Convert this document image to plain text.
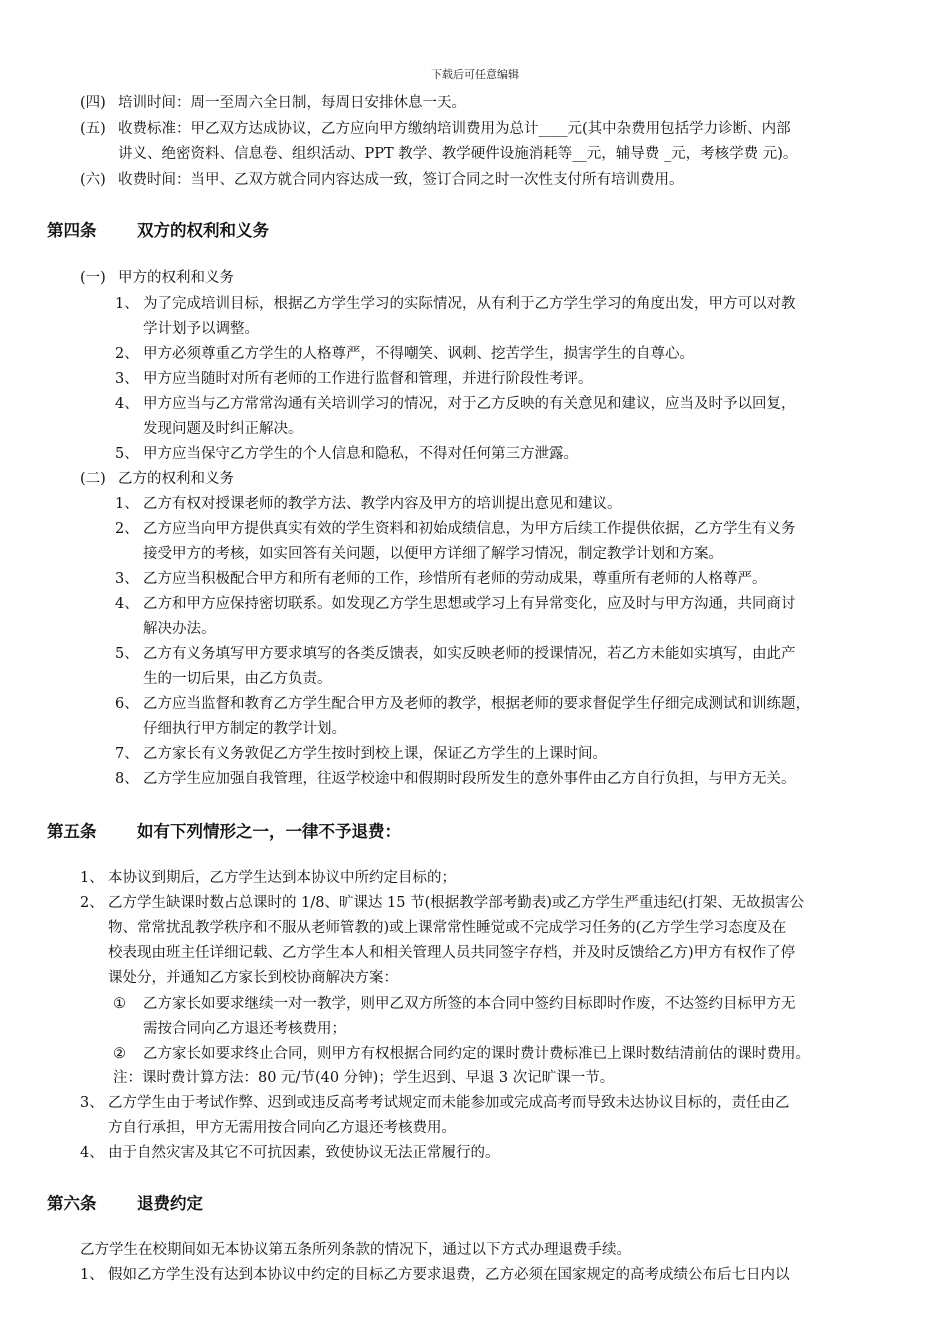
下载后可任意编辑
(四) 培训时间：周一至周六全日制，每周日安排休息一天。
(五) 收费标准：甲乙双方达成协议，乙方应向甲方缴纳培训费用为总计____元(其中杂费用包括学力诊断、内部
讲义、绝密资料、信息卷、组织活动、PPT 教学、教学硬件设施消耗等__元，辅导费 _元，考核学费 元)。
(六) 收费时间：当甲、乙双方就合同内容达成一致，签订合同之时一次性支付所有培训费用。
第四条 双方的权利和义务
(一) 甲方的权利和义务
1、 为了完成培训目标，根据乙方学生学习的实际情况，从有利于乙方学生学习的角度出发，甲方可以对教
学计划予以调整。
2、 甲方必须尊重乙方学生的人格尊严，不得嘲笑、讽刺、挖苦学生，损害学生的自尊心。
3、 甲方应当随时对所有老师的工作进行监督和管理，并进行阶段性考评。
4、 甲方应当与乙方常常沟通有关培训学习的情况，对于乙方反映的有关意见和建议，应当及时予以回复，
发现问题及时纠正解决。
5、 甲方应当保守乙方学生的个人信息和隐私，不得对任何第三方泄露。
(二) 乙方的权利和义务
1、 乙方有权对授课老师的教学方法、教学内容及甲方的培训提出意见和建议。
2、 乙方应当向甲方提供真实有效的学生资料和初始成绩信息，为甲方后续工作提供依据，乙方学生有义务
接受甲方的考核，如实回答有关问题，以便甲方详细了解学习情况，制定教学计划和方案。
3、 乙方应当积极配合甲方和所有老师的工作，珍惜所有老师的劳动成果，尊重所有老师的人格尊严。
4、 乙方和甲方应保持密切联系。如发现乙方学生思想或学习上有异常变化，应及时与甲方沟通，共同商讨
解决办法。
5、 乙方有义务填写甲方要求填写的各类反馈表，如实反映老师的授课情况，若乙方未能如实填写，由此产
生的一切后果，由乙方负责。
6、 乙方应当监督和教育乙方学生配合甲方及老师的教学，根据老师的要求督促学生仔细完成测试和训练题，
仔细执行甲方制定的教学计划。
7、 乙方家长有义务敦促乙方学生按时到校上课，保证乙方学生的上课时间。
8、 乙方学生应加强自我管理，往返学校途中和假期时段所发生的意外事件由乙方自行负担，与甲方无关。
第五条 如有下列情形之一，一律不予退费：
1、 本协议到期后，乙方学生达到本协议中所约定目标的；
2、 乙方学生缺课时数占总课时的 1/8、旷课达 15 节(根据教学部考勤表)或乙方学生严重违纪(打架、无故损害公
物、常常扰乱教学秩序和不服从老师管教的)或上课常常性睡觉或不完成学习任务的(乙方学生学习态度及在
校表现由班主任详细记载、乙方学生本人和相关管理人员共同签字存档，并及时反馈给乙方)甲方有权作了停
课处分，并通知乙方家长到校协商解决方案：
① 乙方家长如要求继续一对一教学，则甲乙双方所签的本合同中签约目标即时作废，不达签约目标甲方无
需按合同向乙方退还考核费用；
② 乙方家长如要求终止合同，则甲方有权根据合同约定的课时费计费标准已上课时数结清前估的课时费用。
注：课时费计算方法：80 元/节(40 分钟)；学生迟到、早退 3 次记旷课一节。
3、 乙方学生由于考试作弊、迟到或违反高考考试规定而未能参加或完成高考而导致未达协议目标的，责任由乙
方自行承担，甲方无需用按合同向乙方退还考核费用。
4、 由于自然灾害及其它不可抗因素，致使协议无法正常履行的。
第六条 退费约定
乙方学生在校期间如无本协议第五条所列条款的情况下，通过以下方式办理退费手续。
1、 假如乙方学生没有达到本协议中约定的目标乙方要求退费，乙方必须在国家规定的高考成绩公布后七日内以
